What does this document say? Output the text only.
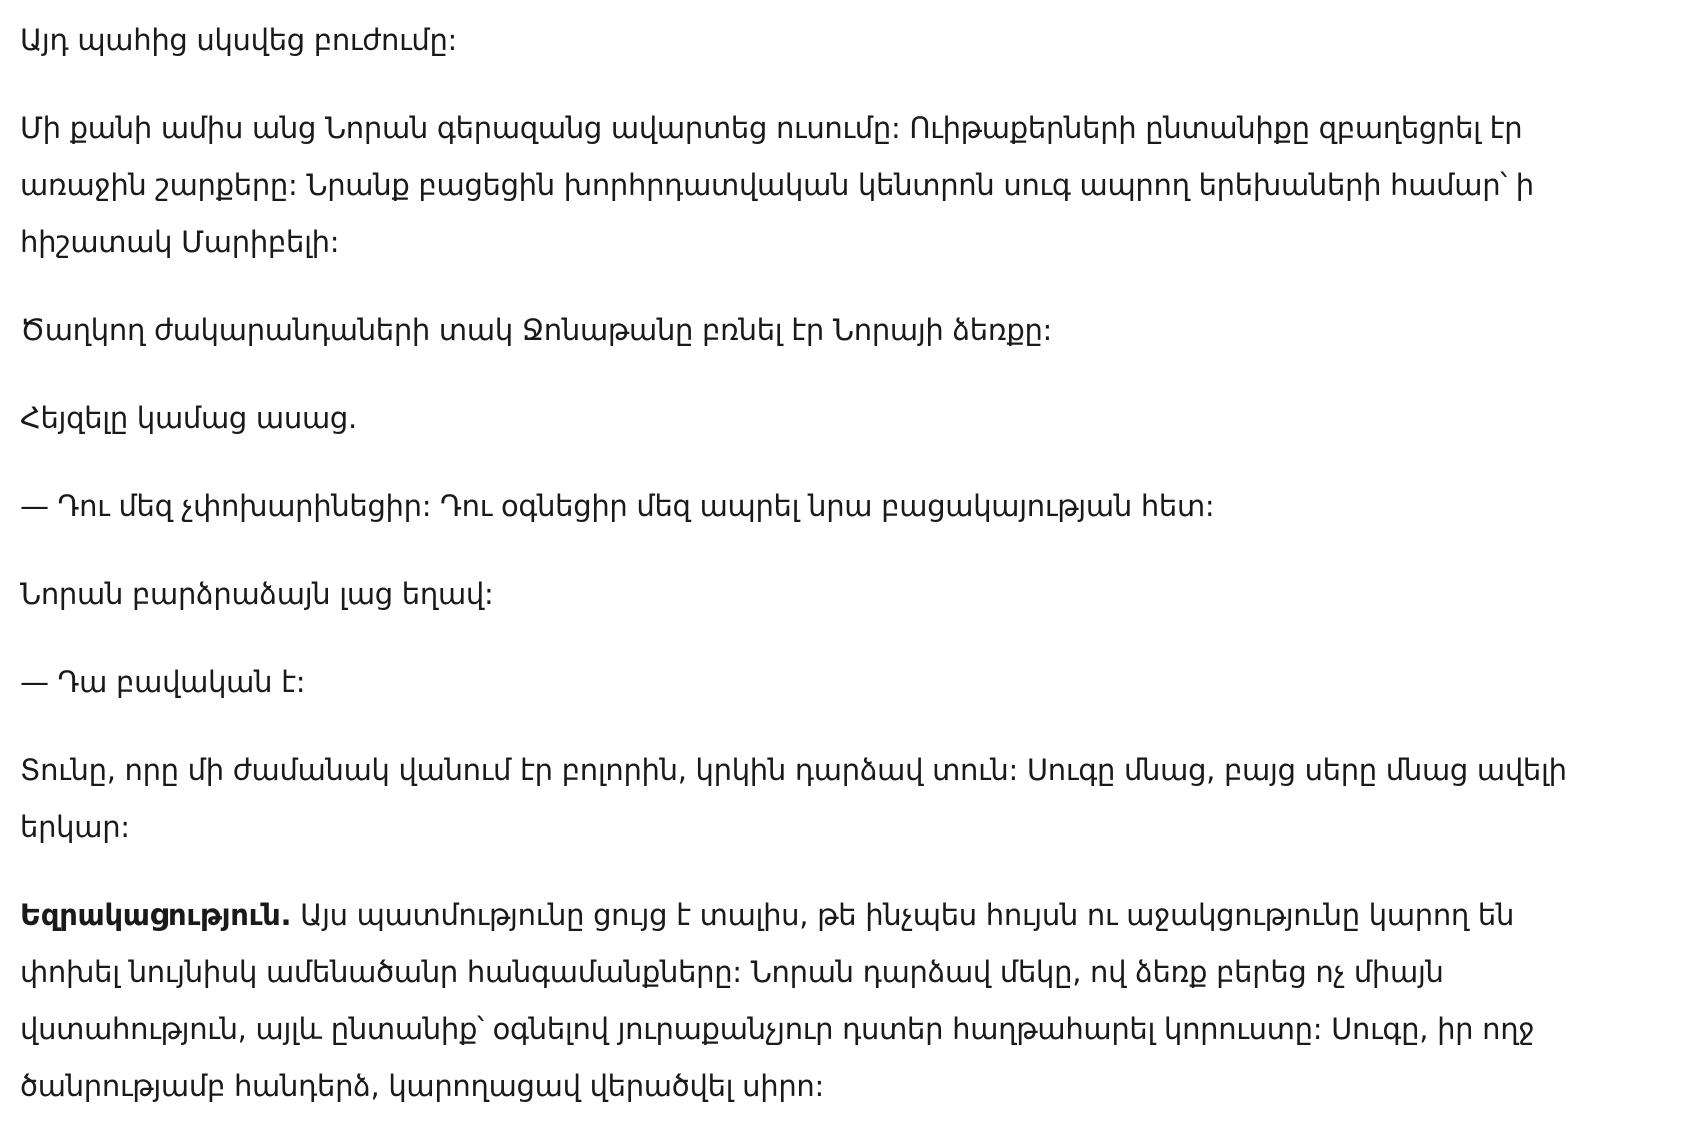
Այդ պահից սկսվեց բուժումը:

Մի քանի ամիս անց Նորան գերազանց ավարտեց ուսումը: Ուիթաքերների ընտանիքը զբաղեցրել էր առաջին շարքերը: Նրանք բացեցին խորհրդատվական կենտրոն սուգ ապրող երեխաների համար՝ ի հիշատակ Մարիբելի:

Ծաղկող ժակարանդաների տակ Ջոնաթանը բռնել էր Նորայի ձեռքը:

Հեյզելը կամաց ասաց.

— Դու մեզ չփոխարինեցիր: Դու օգնեցիր մեզ ապրել նրա բացակայության հետ:

Նորան բարձրաձայն լաց եղավ:

— Դա բավական է:

Տունը, որը մի ժամանակ վանում էր բոլորին, կրկին դարձավ տուն: Սուգը մնաց, բայց սերը մնաց ավելի երկար:

Եզրակացություն. Այս պատմությունը ցույց է տալիս, թե ինչպես հույսն ու աջակցությունը կարող են փոխել նույնիսկ ամենածանր հանգամանքները: Նորան դարձավ մեկը, ով ձեռք բերեց ոչ միայն վստահություն, այլև ընտանիք՝ օգնելով յուրաքանչյուր դստեր հաղթահարել կորուստը: Սուգը, իր ողջ ծանրությամբ հանդերձ, կարողացավ վերածվել սիրո:
